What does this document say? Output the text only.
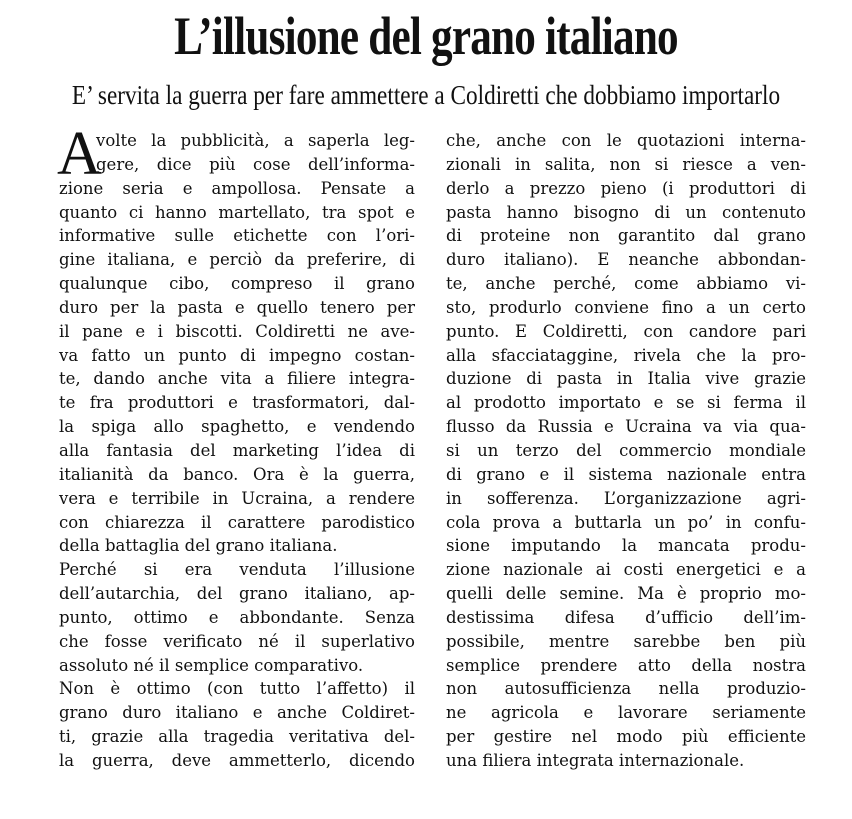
L’illusione del grano italiano
E’ servita la guerra per fare ammettere a Coldiretti che dobbiamo importarlo
A
volte la pubblicità, a saperla leg-
gere, dice più cose dell’informa-
zione seria e ampollosa. Pensate a
quanto ci hanno martellato, tra spot e
informative sulle etichette con l’ori-
gine italiana, e perciò da preferire, di
qualunque cibo, compreso il grano
duro per la pasta e quello tenero per
il pane e i biscotti. Coldiretti ne ave-
va fatto un punto di impegno costan-
te, dando anche vita a filiere integra-
te fra produttori e trasformatori, dal-
la spiga allo spaghetto, e vendendo
alla fantasia del marketing l’idea di
italianità da banco. Ora è la guerra,
vera e terribile in Ucraina, a rendere
con chiarezza il carattere parodistico
della battaglia del grano italiana.
Perché si era venduta l’illusione
dell’autarchia, del grano italiano, ap-
punto, ottimo e abbondante. Senza
che fosse verificato né il superlativo
assoluto né il semplice comparativo.
Non è ottimo (con tutto l’affetto) il
grano duro italiano e anche Coldiret-
ti, grazie alla tragedia veritativa del-
la guerra, deve ammetterlo, dicendo
che, anche con le quotazioni interna-
zionali in salita, non si riesce a ven-
derlo a prezzo pieno (i produttori di
pasta hanno bisogno di un contenuto
di proteine non garantito dal grano
duro italiano). E neanche abbondan-
te, anche perché, come abbiamo vi-
sto, produrlo conviene fino a un certo
punto. E Coldiretti, con candore pari
alla sfacciataggine, rivela che la pro-
duzione di pasta in Italia vive grazie
al prodotto importato e se si ferma il
flusso da Russia e Ucraina va via qua-
si un terzo del commercio mondiale
di grano e il sistema nazionale entra
in sofferenza. L’organizzazione agri-
cola prova a buttarla un po’ in confu-
sione imputando la mancata produ-
zione nazionale ai costi energetici e a
quelli delle semine. Ma è proprio mo-
destissima difesa d’ufficio dell’im-
possibile, mentre sarebbe ben più
semplice prendere atto della nostra
non autosufficienza nella produzio-
ne agricola e lavorare seriamente
per gestire nel modo più efficiente
una filiera integrata internazionale.
